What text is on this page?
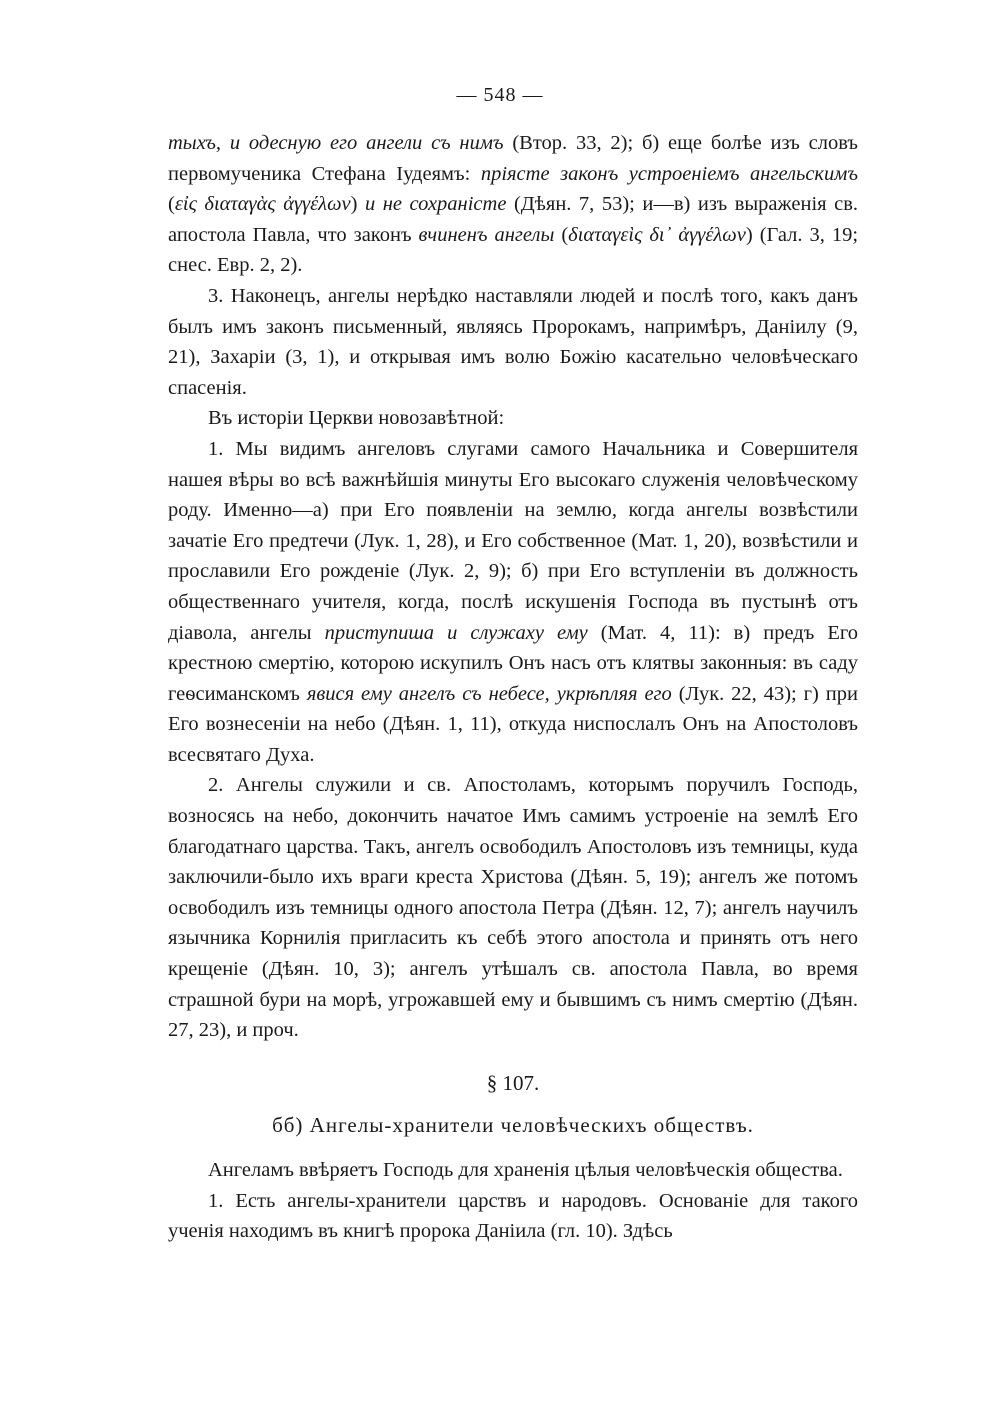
— 548 —

тыхъ, и одесную его ангели съ нимъ (Втор. 33, 2); б) еще болѣе изъ словъ первомученика Стефана Іудеямъ: пріясте законъ устроеніемъ ангельскимъ (εἰς διαταγὰς ἀγγέλων) и не сохраністе (Дѣян. 7, 53); и—в) изъ выраженія св. апостола Павла, что законъ вчиненъ ангелы (διαταγεὶς δι᾽ ἀγγέλων) (Гал. 3, 19; снес. Евр. 2, 2).

3. Наконецъ, ангелы нерѣдко наставляли людей и послѣ того, какъ данъ былъ имъ законъ письменный, являясь Пророкамъ, напримѣръ, Даніилу (9, 21), Захаріи (3, 1), и открывая имъ волю Божію касательно человѣческаго спасенія.

Въ исторіи Церкви новозавѣтной:

1. Мы видимъ ангеловъ слугами самого Начальника и Совершителя нашея вѣры во всѣ важнѣйшія минуты Его высокаго служенія человѣческому роду. Именно—а) при Его появленіи на землю, когда ангелы возвѣстили зачатіе Его предтечи (Лук. 1, 28), и Его собственное (Мат. 1, 20), возвѣстили и прославили Его рожденіе (Лук. 2, 9); б) при Его вступленіи въ должность общественнаго учителя, когда, послѣ искушенія Господа въ пустынѣ отъ діавола, ангелы приступиша и служаху ему (Мат. 4, 11): в) предъ Его крестною смертію, которою искупилъ Онъ насъ отъ клятвы законныя: въ саду геѳсиманскомъ явися ему ангелъ съ небесе, укрѣпляя его (Лук. 22, 43); г) при Его вознесеніи на небо (Дѣян. 1, 11), откуда ниспослалъ Онъ на Апостоловъ всесвятаго Духа.

2. Ангелы служили и св. Апостоламъ, которымъ поручилъ Господь, возносясь на небо, докончить начатое Имъ самимъ устроеніе на землѣ Его благодатнаго царства. Такъ, ангелъ освободилъ Апостоловъ изъ темницы, куда заключили-было ихъ враги креста Христова (Дѣян. 5, 19); ангелъ же потомъ освободилъ изъ темницы одного апостола Петра (Дѣян. 12, 7); ангелъ научилъ язычника Корнилія пригласить къ себѣ этого апостола и принять отъ него крещеніе (Дѣян. 10, 3); ангелъ утѣшалъ св. апостола Павла, во время страшной бури на морѣ, угрожавшей ему и бывшимъ съ нимъ смертію (Дѣян. 27, 23), и проч.

§ 107.

бб) Ангелы-хранители человѣческихъ обществъ.

Ангеламъ ввѣряетъ Господь для храненія цѣлыя человѣческія общества.

1. Есть ангелы-хранители царствъ и народовъ. Основаніе для такого ученія находимъ въ книгѣ пророка Даніила (гл. 10). Здѣсь
